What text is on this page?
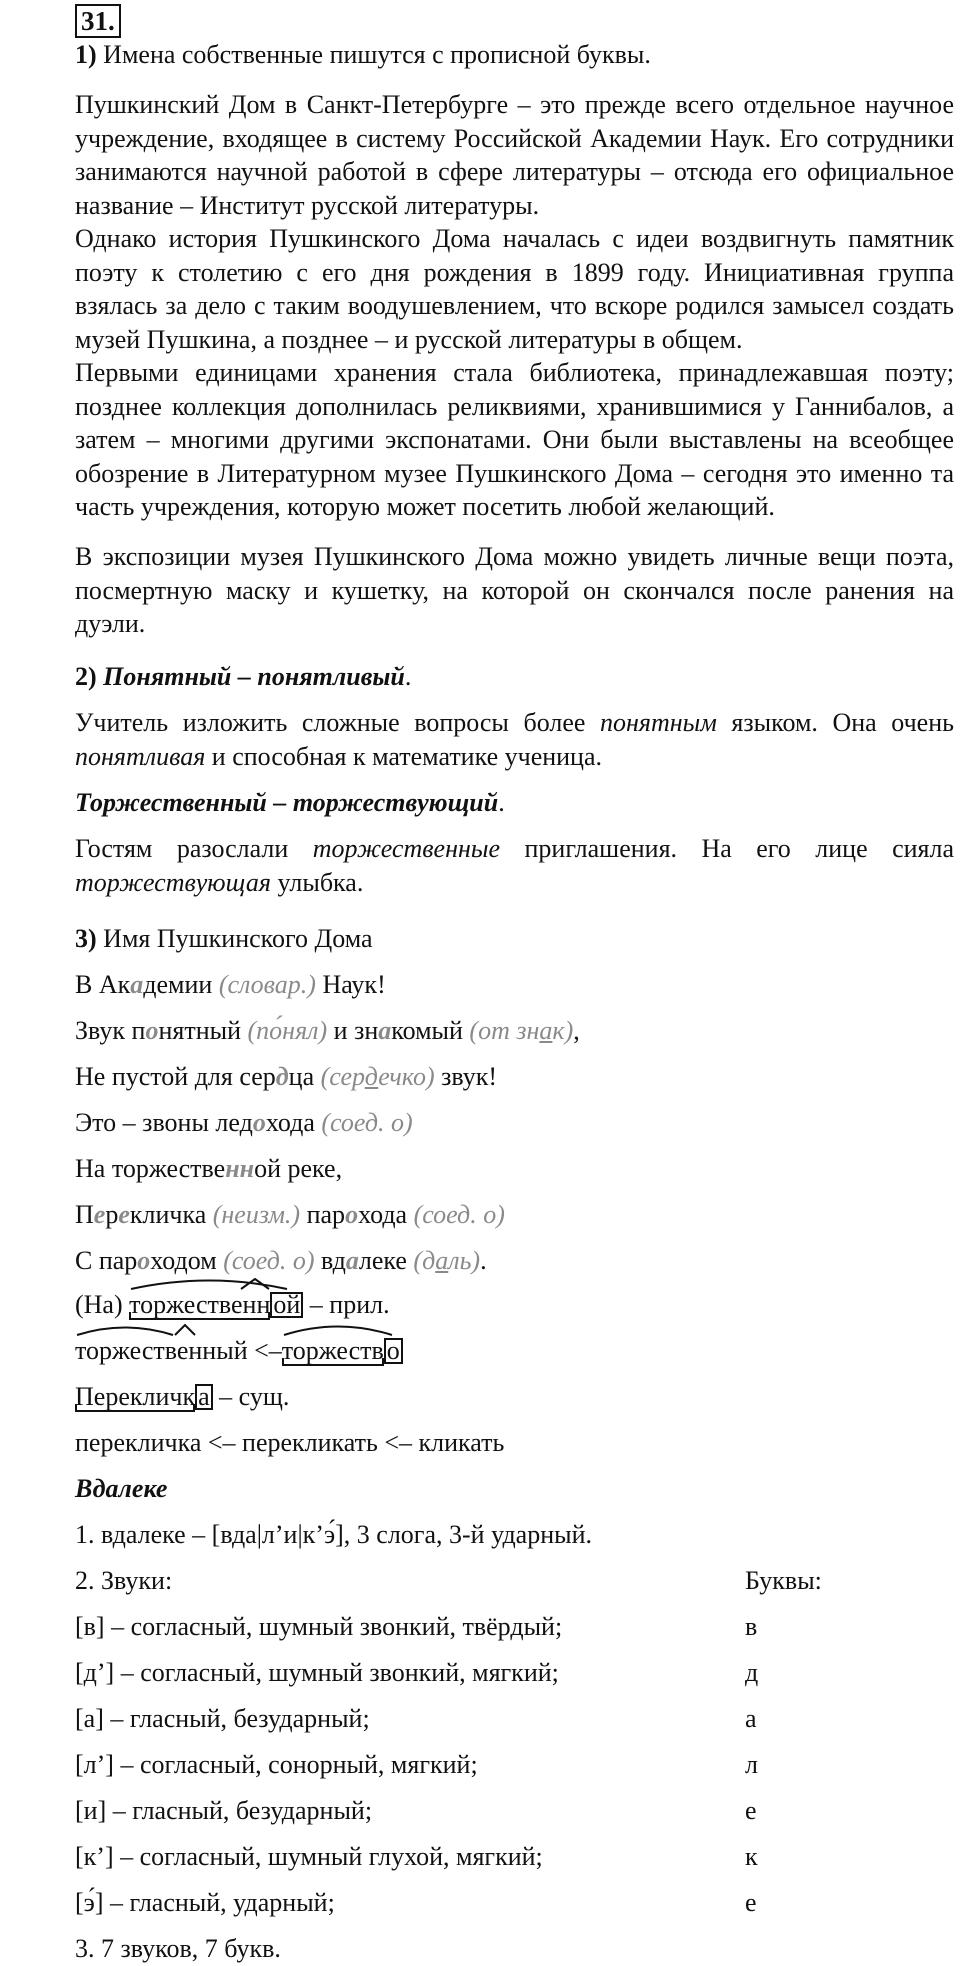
31.
1) Имена собственные пишутся с прописной буквы.
Пушкинский Дом в Санкт-Петербурге – это прежде всего отдельное научное учреждение, входящее в систему Российской Академии Наук. Его сотрудники занимаются научной работой в сфере литературы – отсюда его официальное название – Институт русской литературы.
Однако история Пушкинского Дома началась с идеи воздвигнуть памятник поэту к столетию с его дня рождения в 1899 году. Инициативная группа взялась за дело с таким воодушевлением, что вскоре родился замысел создать музей Пушкина, а позднее – и русской литературы в общем.
Первыми единицами хранения стала библиотека, принадлежавшая поэту; позднее коллекция дополнилась реликвиями, хранившимися у Ганнибалов, а затем – многими другими экспонатами. Они были выставлены на всеобщее обозрение в Литературном музее Пушкинского Дома – сегодня это именно та часть учреждения, которую может посетить любой желающий.
В экспозиции музея Пушкинского Дома можно увидеть личные вещи поэта, посмертную маску и кушетку, на которой он скончался после ранения на дуэли.
2) Понятный – понятливый.
Учитель изложить сложные вопросы более понятным языком. Она очень понятливая и способная к математике ученица.
Торжественный – торжествующий.
Гостям разослали торжественные приглашения. На его лице сияла торжествующая улыбка.
3) Имя Пушкинского Дома
В Академии (словар.) Наук!
Звук понятный (по́нял) и знакомый (от знак),
Не пустой для сердца (сердечко) звук!
Это – звоны ледохода (соед. о)
На торжественной реке,
Перекличка (неизм.) парохода (соед. о)
С пароходом (соед. о) вдалеке (даль).
(На)
торжественн ой – прил.
торжественный <–
торжеств о
Перекличк а – сущ.
перекличка <– перекликать <– кликать
Вдалеке
1. вдалеке – [вда|л’и|к’э́], 3 слога, 3-й ударный.
2. Звуки:	Буквы:
[в] – согласный, шумный звонкий, твёрдый;	в
[д’] – согласный, шумный звонкий, мягкий;	д
[а] – гласный, безударный;	а
[л’] – согласный, сонорный, мягкий;	л
[и] – гласный, безударный;	е
[к’] – согласный, шумный глухой, мягкий;	к
[э́] – гласный, ударный;	е
3. 7 звуков, 7 букв.
